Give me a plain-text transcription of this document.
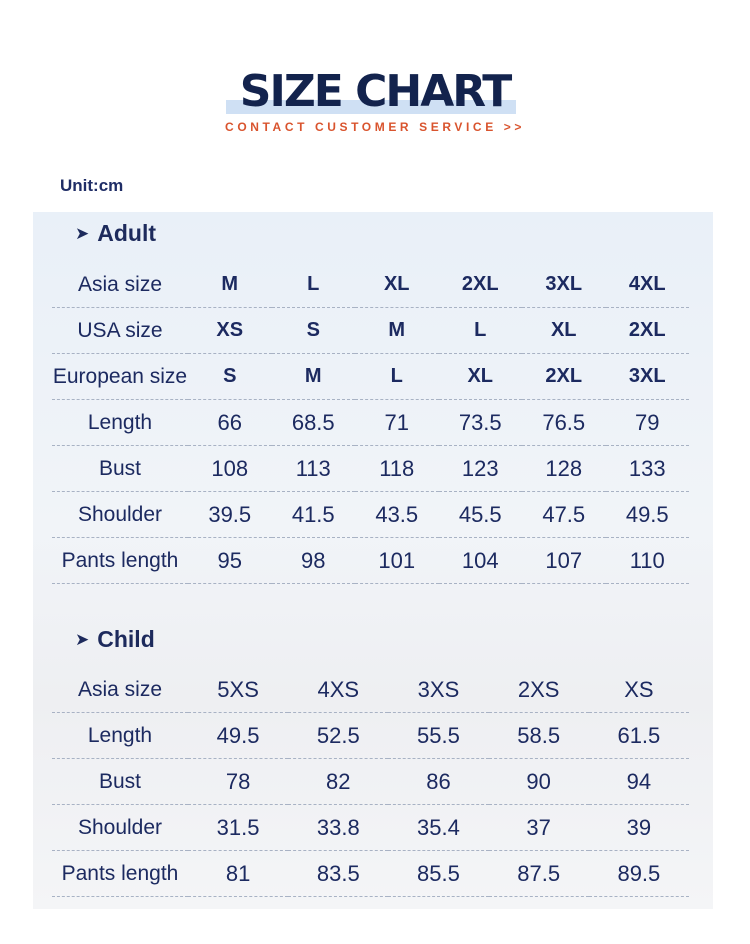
SIZE CHART
CONTACT CUSTOMER SERVICE >>
Unit:cm
➤ Adult
Asia size	M	L	XL	2XL	3XL	4XL
USA size	XS	S	M	L	XL	2XL
European size	S	M	L	XL	2XL	3XL
Length	66	68.5	71	73.5	76.5	79
Bust	108	113	118	123	128	133
Shoulder	39.5	41.5	43.5	45.5	47.5	49.5
Pants length	95	98	101	104	107	110
➤ Child
Asia size	5XS	4XS	3XS	2XS	XS
Length	49.5	52.5	55.5	58.5	61.5
Bust	78	82	86	90	94
Shoulder	31.5	33.8	35.4	37	39
Pants length	81	83.5	85.5	87.5	89.5
